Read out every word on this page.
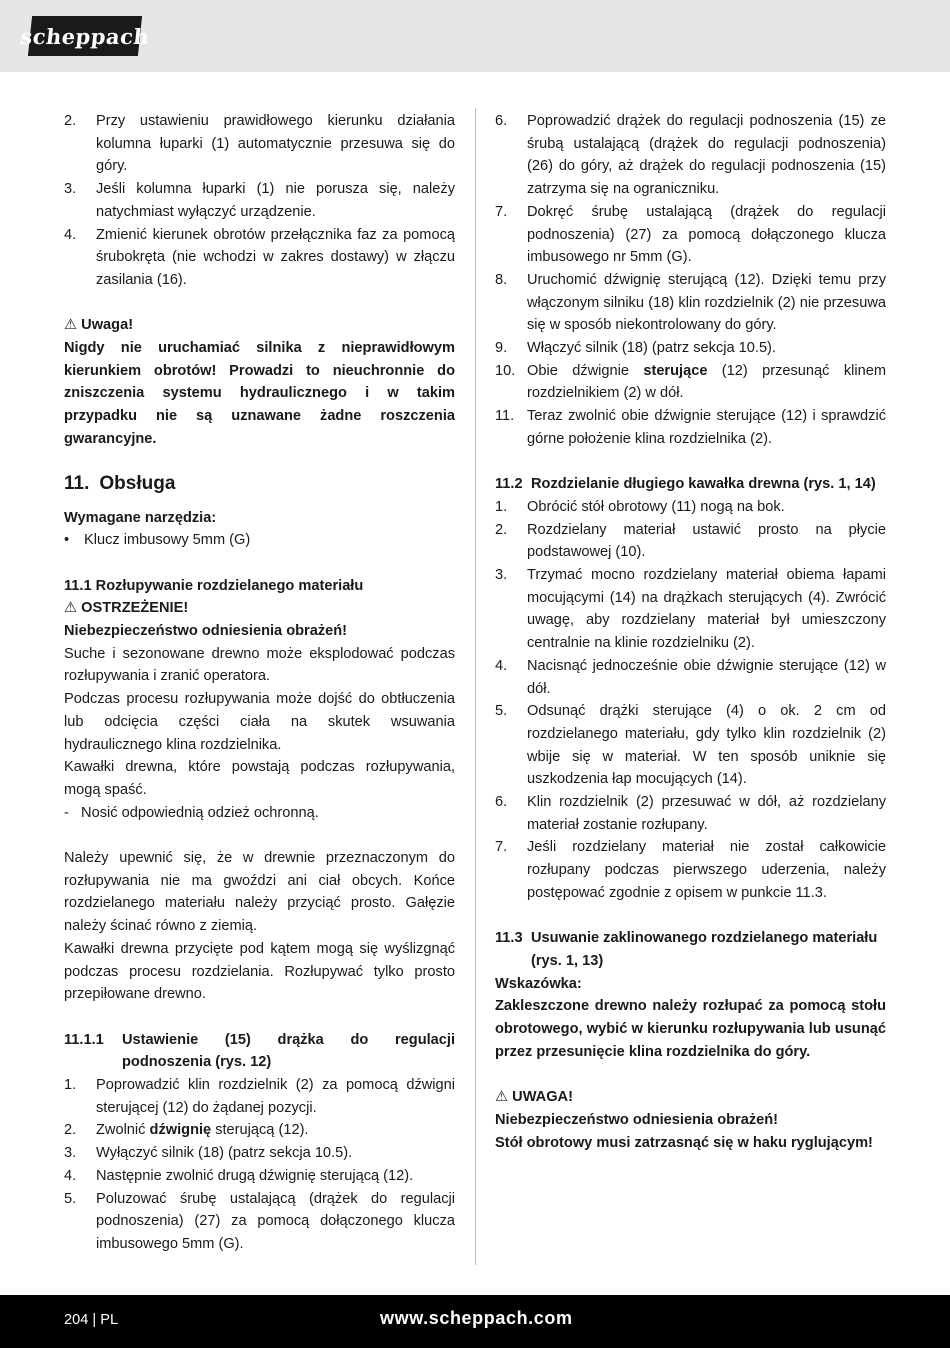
scheppach
2. Przy ustawieniu prawidłowego kierunku działania kolumna łuparki (1) automatycznie przesuwa się do góry.
3. Jeśli kolumna łuparki (1) nie porusza się, należy natychmiast wyłączyć urządzenie.
4. Zmienić kierunek obrotów przełącznika faz za pomocą śrubokręta (nie wchodzi w zakres dostawy) w złączu zasilania (16).

⚠ Uwaga!

Nigdy nie uruchamiać silnika z nieprawidłowym kierunkiem obrotów! Prowadzi to nieuchronnie do zniszczenia systemu hydraulicznego i w takim przypadku nie są uznawane żadne roszczenia gwarancyjne.

11. Obsługa

Wymagane narzędzia:

• Klucz imbusowy 5mm (G)

11.1 Rozłupywanie rozdzielanego materiału

⚠ OSTRZEŻENIE!

Niebezpieczeństwo odniesienia obrażeń!

Suche i sezonowane drewno może eksplodować podczas rozłupywania i zranić operatora.

Podczas procesu rozłupywania może dojść do obtłuczenia lub odcięcia części ciała na skutek wsuwania hydraulicznego klina rozdzielnika.

Kawałki drewna, które powstają podczas rozłupywania, mogą spaść.

- Nosić odpowiednią odzież ochronną.

Należy upewnić się, że w drewnie przeznaczonym do rozłupywania nie ma gwoździ ani ciał obcych. Końce rozdzielanego materiału należy przyciąć prosto. Gałęzie należy ścinać równo z ziemią.

Kawałki drewna przycięte pod kątem mogą się wyślizgnąć podczas procesu rozdzielania. Rozłupywać tylko prosto przepiłowane drewno.

11.1.1 Ustawienie (15) drążka do regulacji podnoszenia (rys. 12)

1. Poprowadzić klin rozdzielnik (2) za pomocą dźwigni sterującej (12) do żądanej pozycji.
2. Zwolnić dźwignię sterującą (12).
3. Wyłączyć silnik (18) (patrz sekcja 10.5).
4. Następnie zwolnić drugą dźwignię sterującą (12).
5. Poluzować śrubę ustalającą (drążek do regulacji podnoszenia) (27) za pomocą dołączonego klucza imbusowego 5mm (G).
6. Poprowadzić drążek do regulacji podnoszenia (15) ze śrubą ustalającą (drążek do regulacji podnoszenia) (26) do góry, aż drążek do regulacji podnoszenia (15) zatrzyma się na ograniczniku.
7. Dokręć śrubę ustalającą (drążek do regulacji podnoszenia) (27) za pomocą dołączonego klucza imbusowego nr 5mm (G).
8. Uruchomić dźwignię sterującą (12). Dzięki temu przy włączonym silniku (18) klin rozdzielnik (2) nie przesuwa się w sposób niekontrolowany do góry.
9. Włączyć silnik (18) (patrz sekcja 10.5).
10. Obie dźwignie sterujące (12) przesunąć klinem rozdzielnikiem (2) w dół.
11. Teraz zwolnić obie dźwignie sterujące (12) i sprawdzić górne położenie klina rozdzielnika (2).

11.2 Rozdzielanie długiego kawałka drewna (rys. 1, 14)

1. Obrócić stół obrotowy (11) nogą na bok.
2. Rozdzielany materiał ustawić prosto na płycie podstawowej (10).
3. Trzymać mocno rozdzielany materiał obiema łapami mocującymi (14) na drążkach sterujących (4). Zwrócić uwagę, aby rozdzielany materiał był umieszczony centralnie na klinie rozdzielniku (2).
4. Nacisnąć jednocześnie obie dźwignie sterujące (12) w dół.
5. Odsunąć drążki sterujące (4) o ok. 2 cm od rozdzielanego materiału, gdy tylko klin rozdzielnik (2) wbije się w materiał. W ten sposób uniknie się uszkodzenia łap mocujących (14).
6. Klin rozdzielnik (2) przesuwać w dół, aż rozdzielany materiał zostanie rozłupany.
7. Jeśli rozdzielany materiał nie został całkowicie rozłupany podczas pierwszego uderzenia, należy postępować zgodnie z opisem w punkcie 11.3.

11.3 Usuwanie zaklinowanego rozdzielanego materiału (rys. 1, 13)

Wskazówka:

Zakleszczone drewno należy rozłupać za pomocą stołu obrotowego, wybić w kierunku rozłupywania lub usunąć przez przesunięcie klina rozdzielnika do góry.

⚠ UWAGA!

Niebezpieczeństwo odniesienia obrażeń!

Stół obrotowy musi zatrzasnąć się w haku ryglującym!

204 | PL	www.scheppach.com
